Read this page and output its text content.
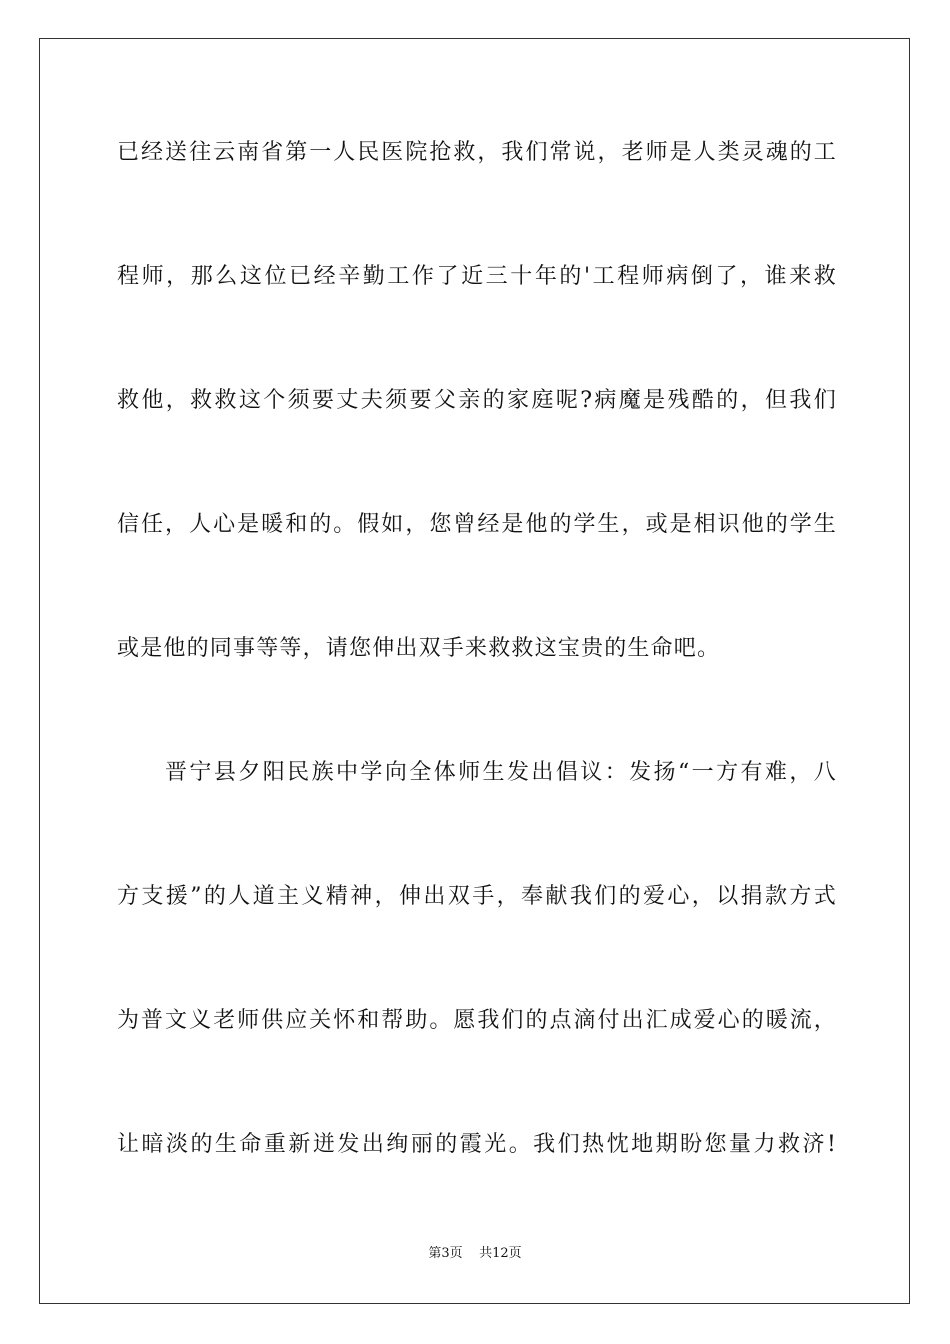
已经送往云南省第一人民医院抢救，我们常说，老师是人类灵魂的工
程师，那么这位已经辛勤工作了近三十年的'工程师病倒了，谁来救
救他，救救这个须要丈夫须要父亲的家庭呢?病魔是残酷的，但我们
信任，人心是暖和的。假如，您曾经是他的学生，或是相识他的学生
或是他的同事等等，请您伸出双手来救救这宝贵的生命吧。
晋宁县夕阳民族中学向全体师生发出倡议：发扬“一方有难，八
方支援”的人道主义精神，伸出双手，奉献我们的爱心，以捐款方式
为普文义老师供应关怀和帮助。愿我们的点滴付出汇成爱心的暖流，
让暗淡的生命重新迸发出绚丽的霞光。我们热忱地期盼您量力救济!
第3页    共12页
